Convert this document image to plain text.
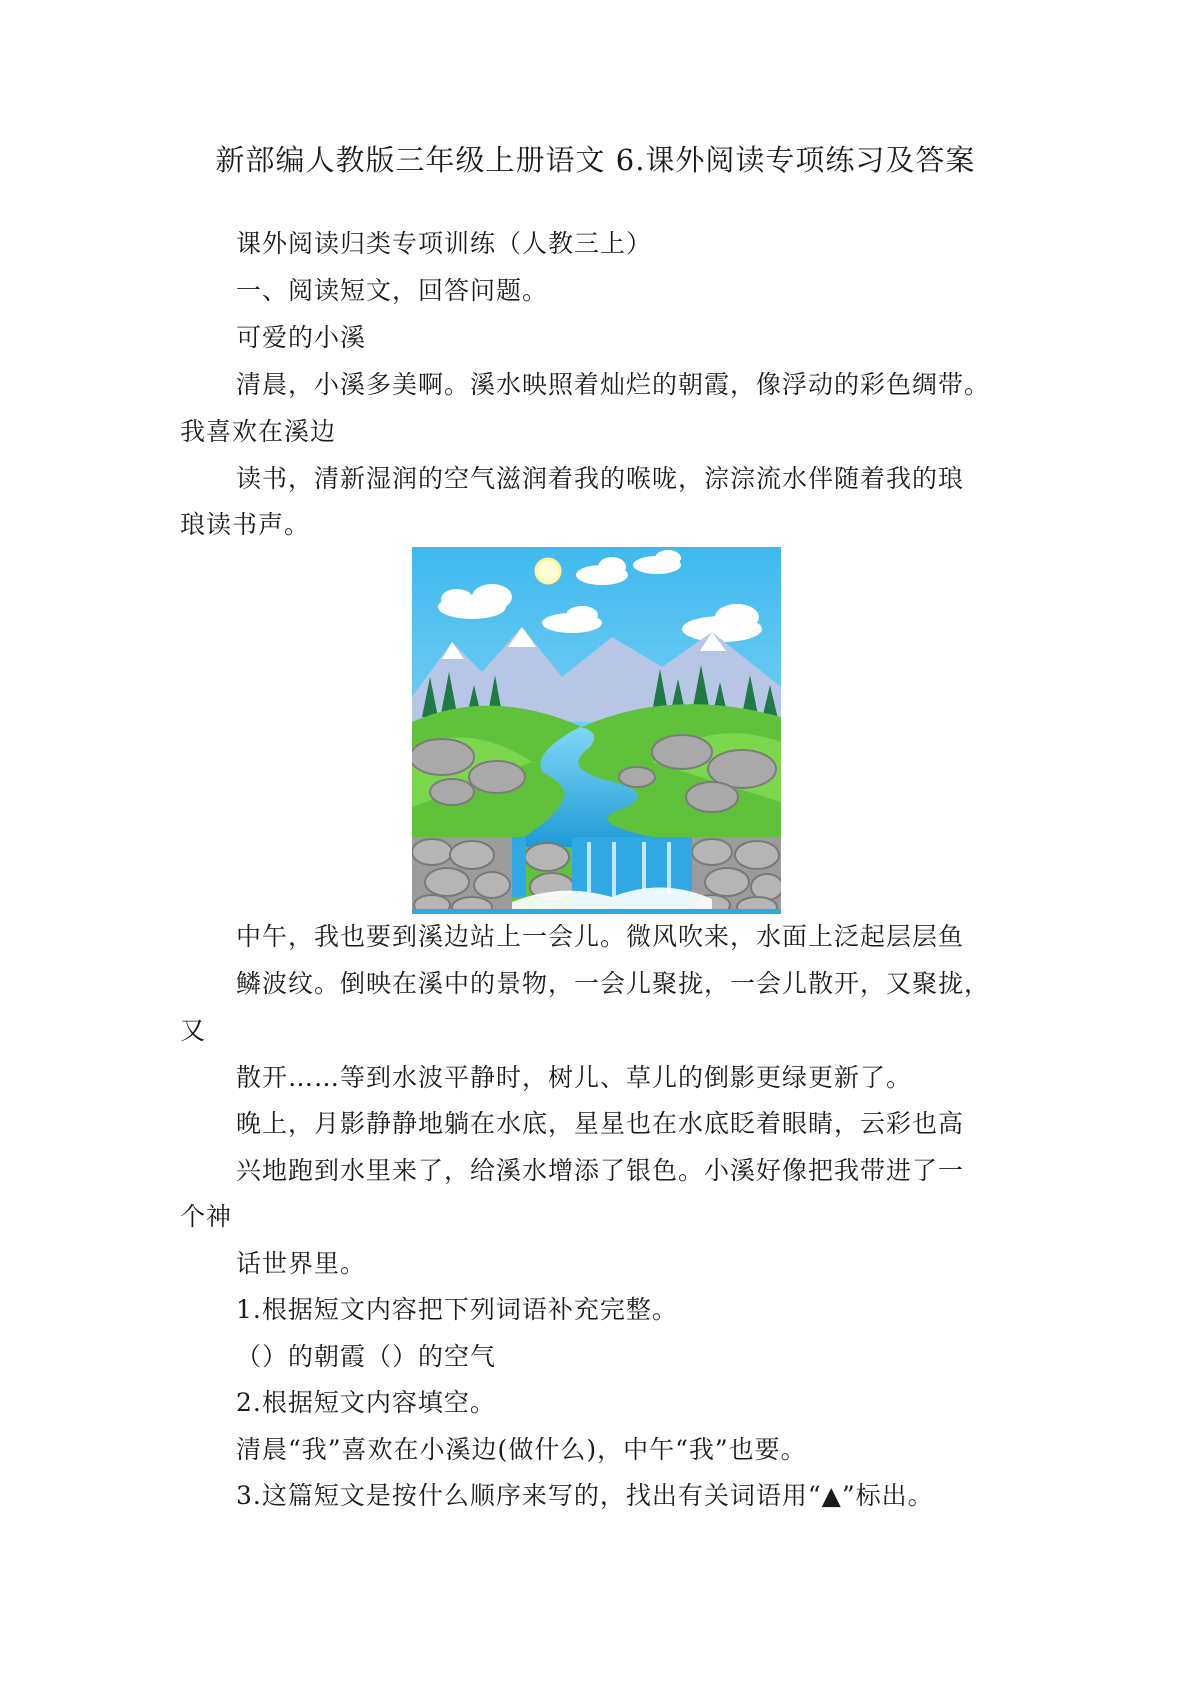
新部编人教版三年级上册语文 6.课外阅读专项练习及答案
课外阅读归类专项训练（人教三上）
一、阅读短文，回答问题。
可爱的小溪
清晨，小溪多美啊。溪水映照着灿烂的朝霞，像浮动的彩色绸带。
我喜欢在溪边
读书，清新湿润的空气滋润着我的喉咙，淙淙流水伴随着我的琅
琅读书声。
中午，我也要到溪边站上一会儿。微风吹来，水面上泛起层层鱼
鳞波纹。倒映在溪中的景物，一会儿聚拢，一会儿散开，又聚拢，
又
散开……等到水波平静时，树儿、草儿的倒影更绿更新了。
晚上，月影静静地躺在水底，星星也在水底眨着眼睛，云彩也高
兴地跑到水里来了，给溪水增添了银色。小溪好像把我带进了一
个神
话世界里。
1.根据短文内容把下列词语补充完整。
（）的朝霞（）的空气
2.根据短文内容填空。
清晨“我”喜欢在小溪边(做什么)，中午“我”也要。
3.这篇短文是按什么顺序来写的，找出有关词语用“▲”标出。
